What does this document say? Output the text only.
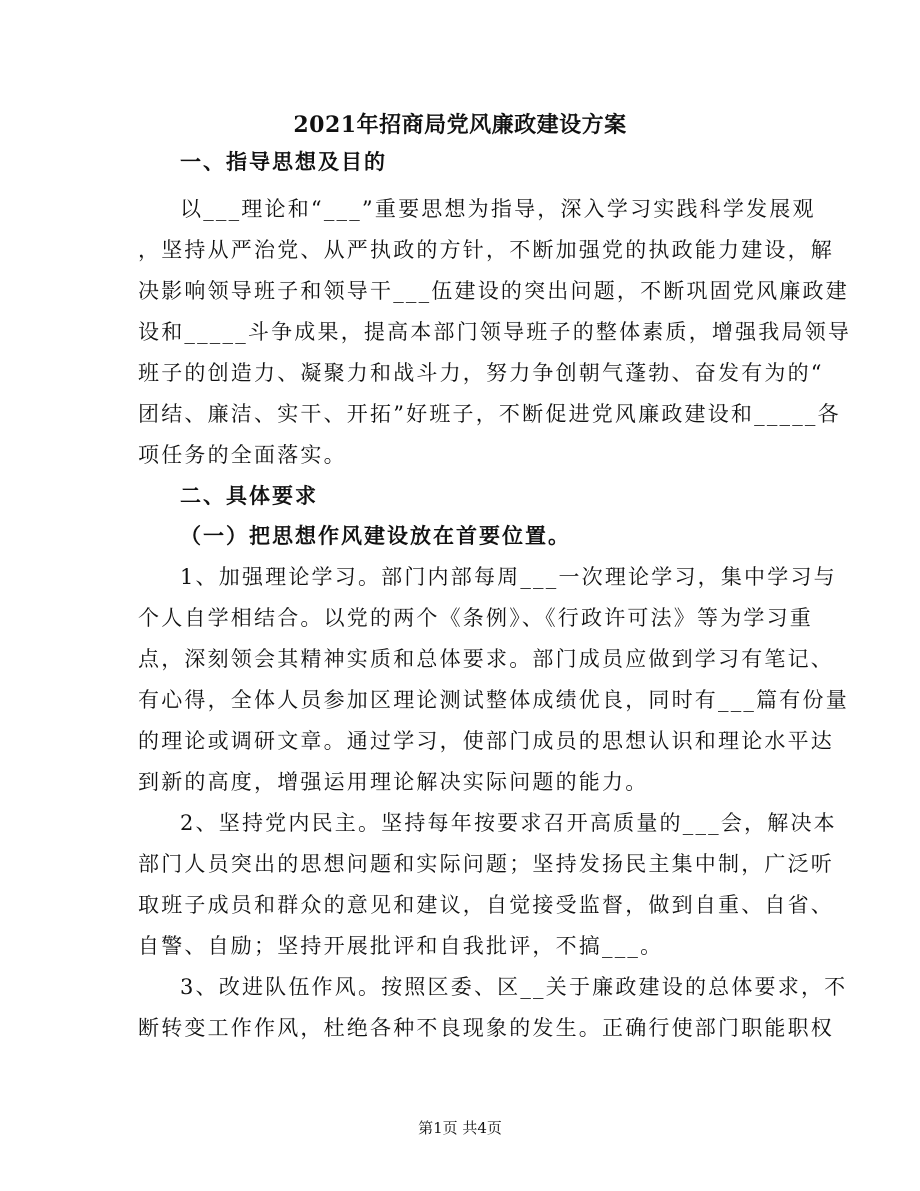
2021年招商局党风廉政建设方案
一、指导思想及目的
以___理论和“___”重要思想为指导，深入学习实践科学发展观
，坚持从严治党、从严执政的方针，不断加强党的执政能力建设，解
决影响领导班子和领导干___伍建设的突出问题，不断巩固党风廉政建
设和_____斗争成果，提高本部门领导班子的整体素质，增强我局领导
班子的创造力、凝聚力和战斗力，努力争创朝气蓬勃、奋发有为的“
团结、廉洁、实干、开拓”好班子，不断促进党风廉政建设和_____各
项任务的全面落实。
二、具体要求
（一）把思想作风建设放在首要位置。
1、加强理论学习。部门内部每周___一次理论学习，集中学习与
个人自学相结合。以党的两个《条例》、《行政许可法》等为学习重
点，深刻领会其精神实质和总体要求。部门成员应做到学习有笔记、
有心得，全体人员参加区理论测试整体成绩优良，同时有___篇有份量
的理论或调研文章。通过学习，使部门成员的思想认识和理论水平达
到新的高度，增强运用理论解决实际问题的能力。
2、坚持党内民主。坚持每年按要求召开高质量的___会，解决本
部门人员突出的思想问题和实际问题；坚持发扬民主集中制，广泛听
取班子成员和群众的意见和建议，自觉接受监督，做到自重、自省、
自警、自励；坚持开展批评和自我批评，不搞___。
3、改进队伍作风。按照区委、区__关于廉政建设的总体要求，不
断转变工作作风，杜绝各种不良现象的发生。正确行使部门职能职权
第1页 共4页
